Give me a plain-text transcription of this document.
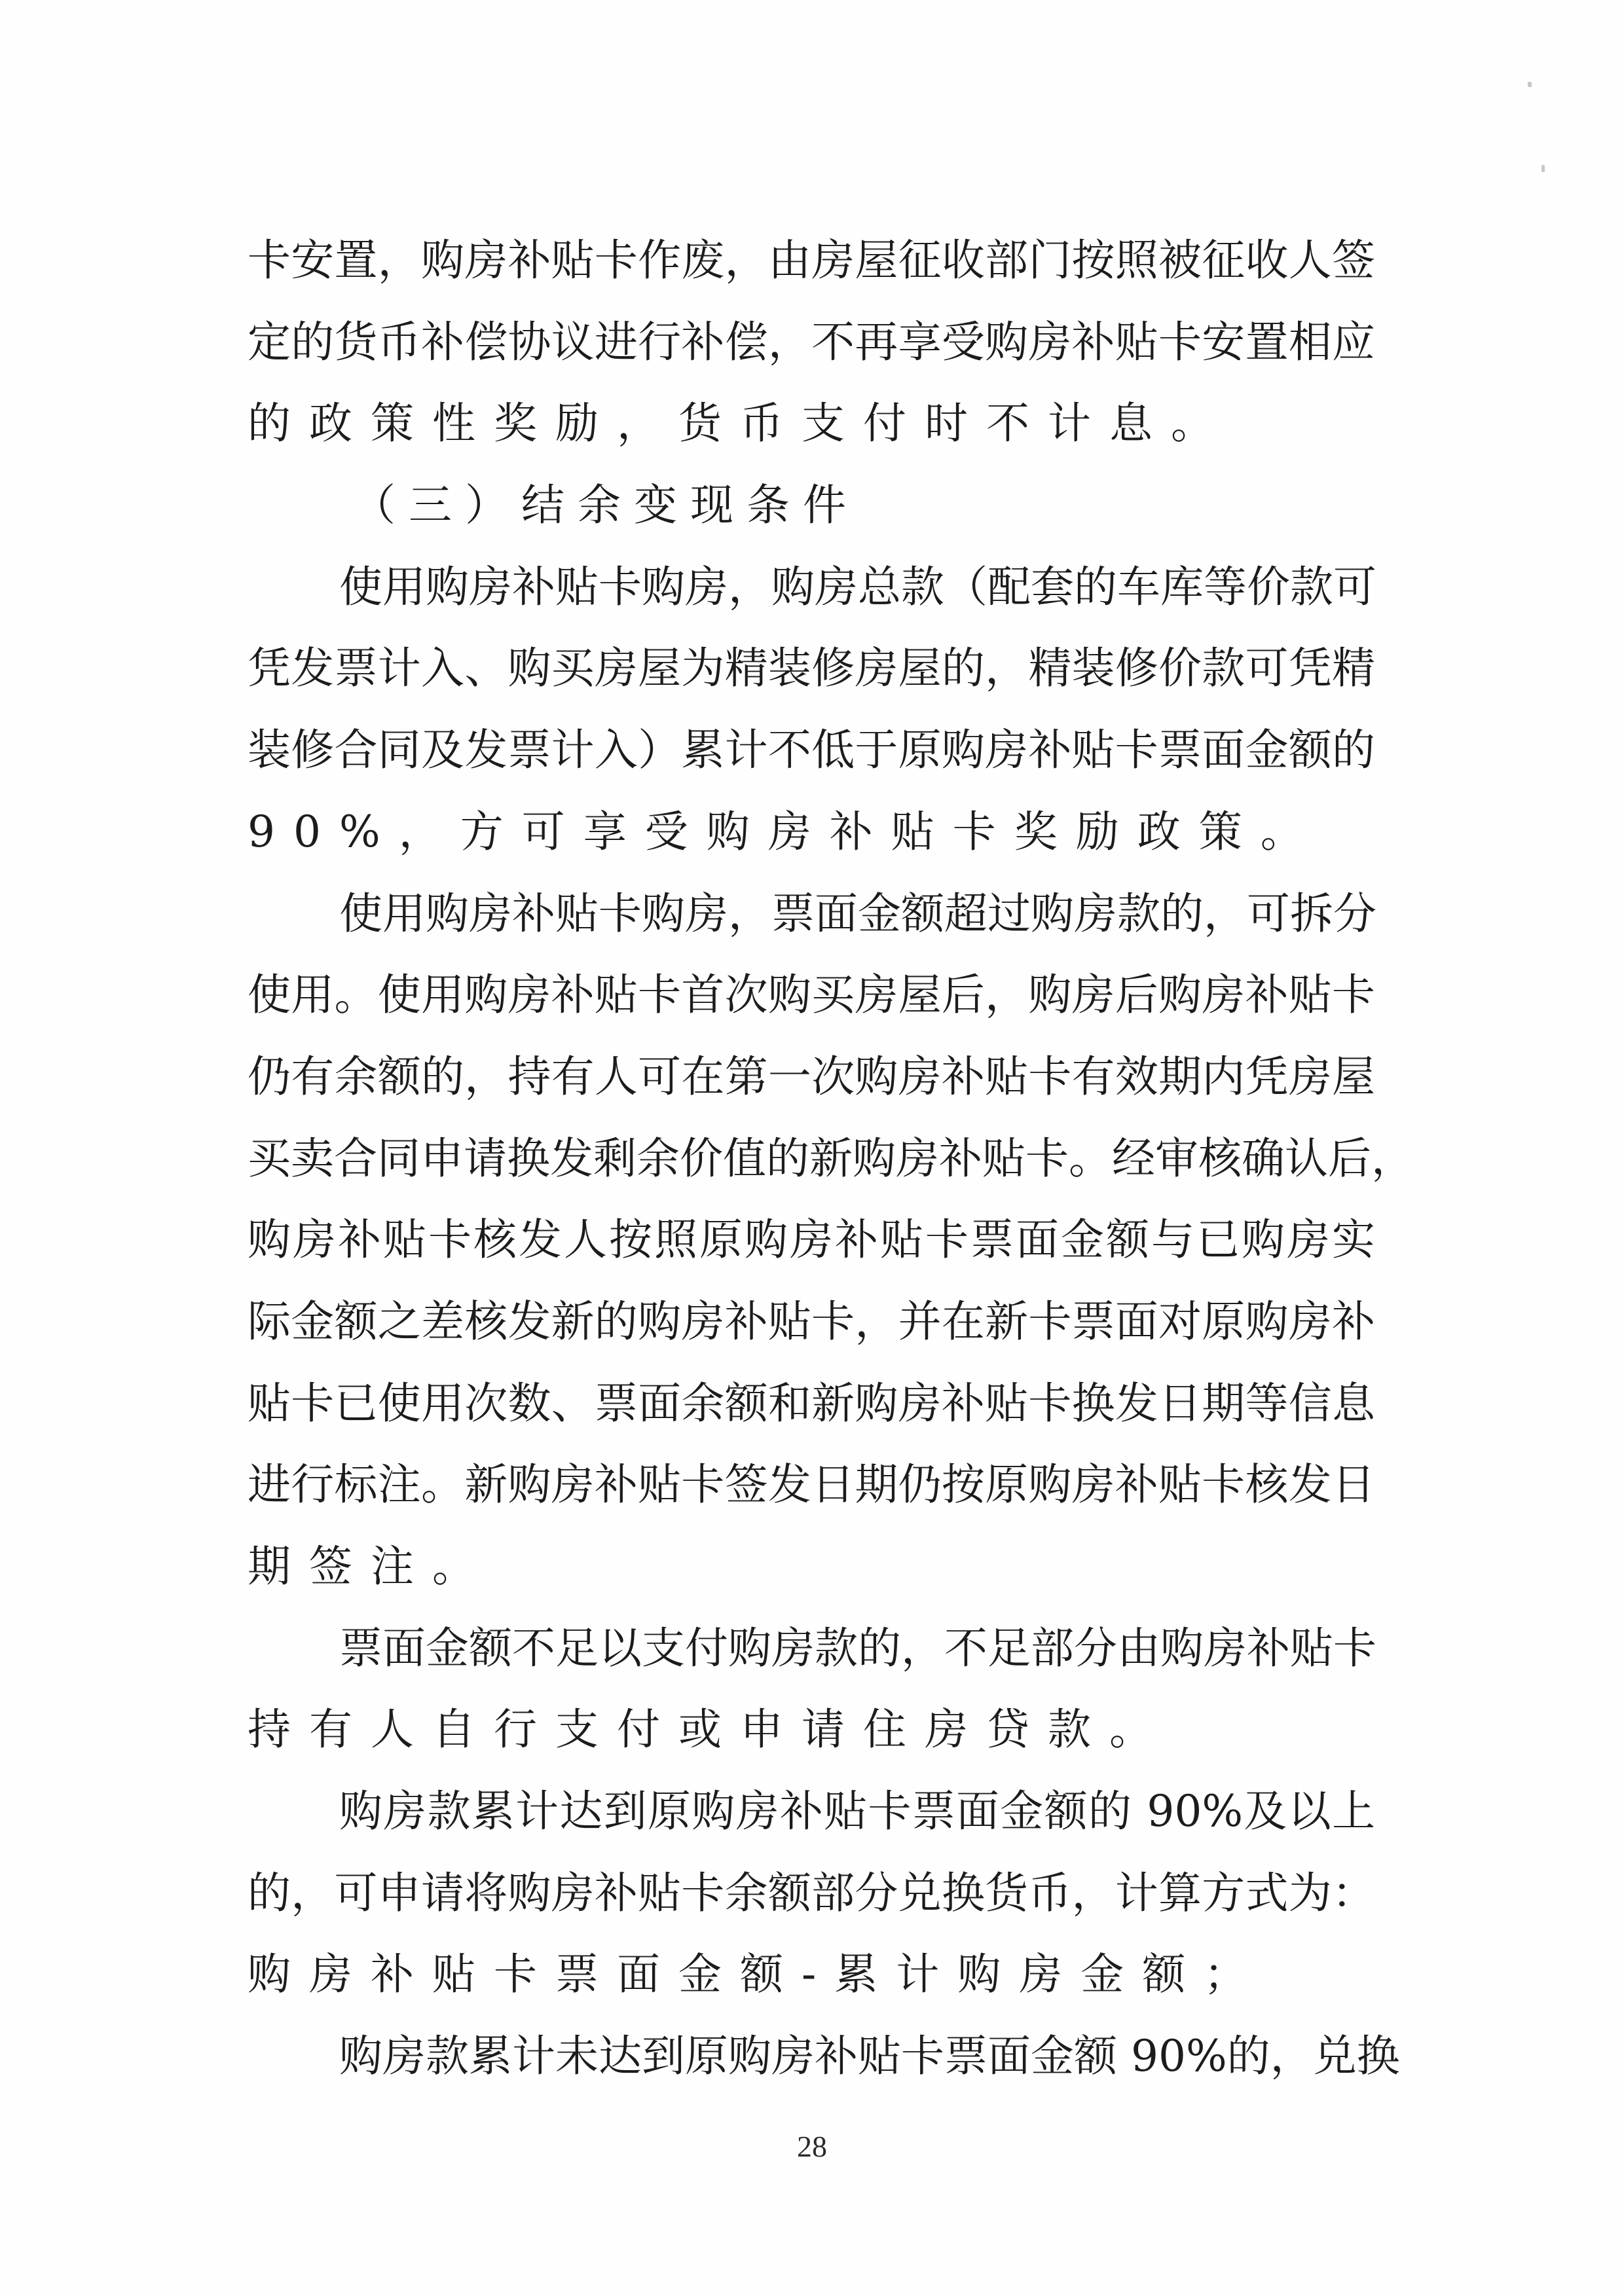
卡安置，购房补贴卡作废，由房屋征收部门按照被征收人签
定的货币补偿协议进行补偿，不再享受购房补贴卡安置相应
的政策性奖励，货币支付时不计息。
（三）结余变现条件
使用购房补贴卡购房，购房总款（配套的车库等价款可
凭发票计入、购买房屋为精装修房屋的，精装修价款可凭精
装修合同及发票计入）累计不低于原购房补贴卡票面金额的
90%，方可享受购房补贴卡奖励政策。
使用购房补贴卡购房，票面金额超过购房款的，可拆分
使用。使用购房补贴卡首次购买房屋后，购房后购房补贴卡
仍有余额的，持有人可在第一次购房补贴卡有效期内凭房屋
买卖合同申请换发剩余价值的新购房补贴卡。经审核确认后，
购房补贴卡核发人按照原购房补贴卡票面金额与已购房实
际金额之差核发新的购房补贴卡，并在新卡票面对原购房补
贴卡已使用次数、票面余额和新购房补贴卡换发日期等信息
进行标注。新购房补贴卡签发日期仍按原购房补贴卡核发日
期签注。
票面金额不足以支付购房款的，不足部分由购房补贴卡
持有人自行支付或申请住房贷款。
购房款累计达到原购房补贴卡票面金额的 90%及以上
的，可申请将购房补贴卡余额部分兑换货币，计算方式为：
购房补贴卡票面金额-累计购房金额；
购房款累计未达到原购房补贴卡票面金额 90%的，兑换
28
